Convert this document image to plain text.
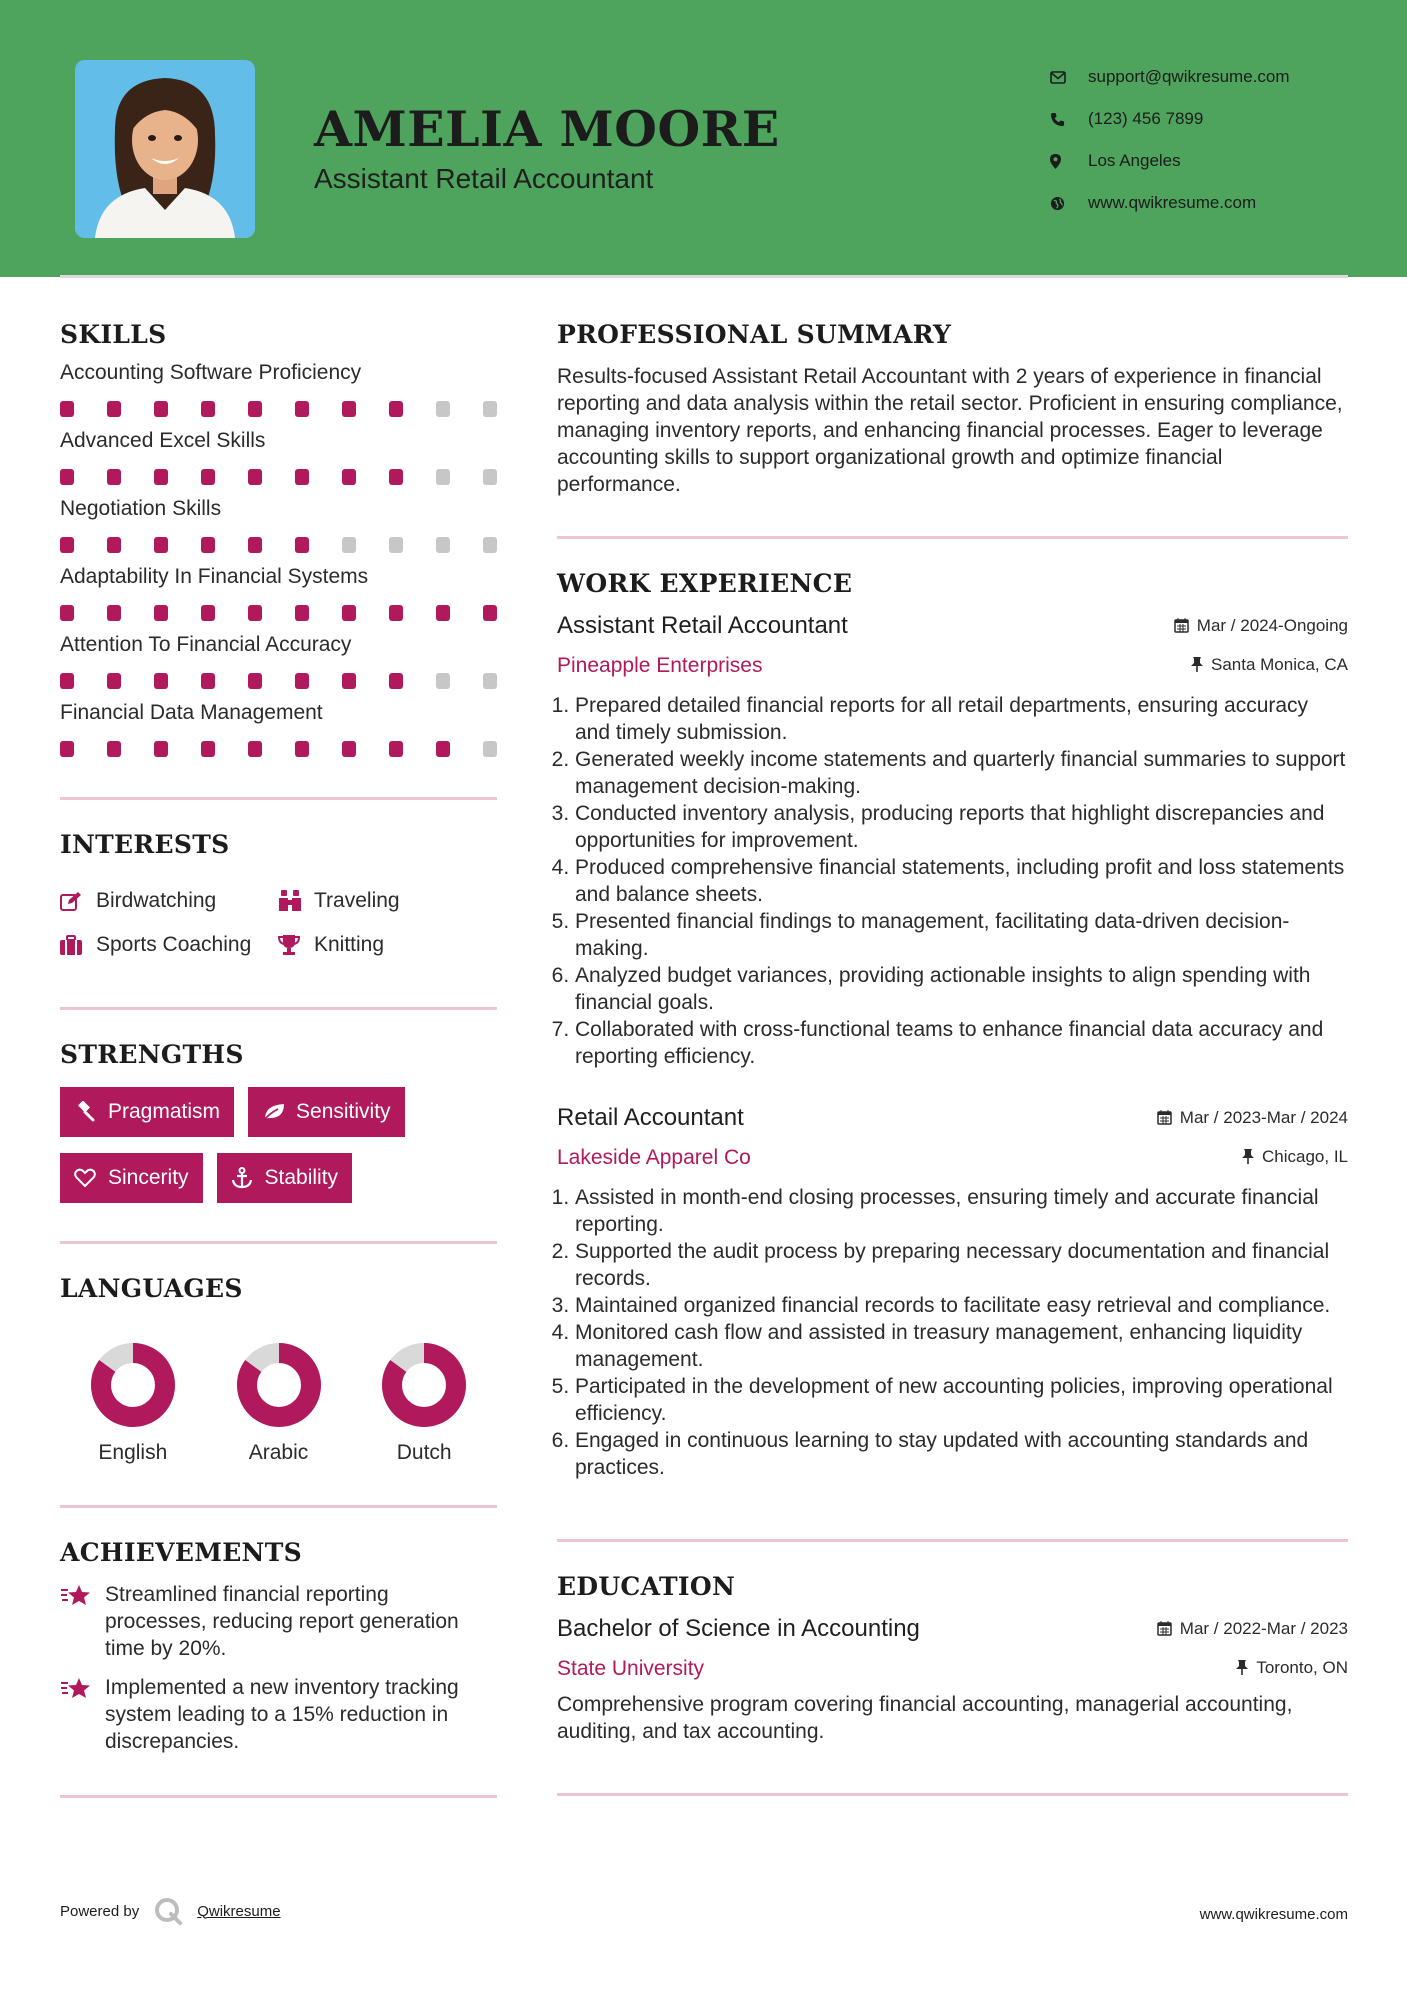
AMELIA MOORE
Assistant Retail Accountant
support@qwikresume.com
(123) 456 7899
Los Angeles
www.qwikresume.com
SKILLS
Accounting Software Proficiency
Advanced Excel Skills
Negotiation Skills
Adaptability In Financial Systems
Attention To Financial Accuracy
Financial Data Management
INTERESTS
Birdwatching	Traveling
Sports Coaching	Knitting
STRENGTHS
Pragmatism	Sensitivity
Sincerity	Stability
LANGUAGES
English	Arabic	Dutch
ACHIEVEMENTS
Streamlined financial reporting processes, reducing report generation time by 20%.
Implemented a new inventory tracking system leading to a 15% reduction in discrepancies.
PROFESSIONAL SUMMARY
Results-focused Assistant Retail Accountant with 2 years of experience in financial reporting and data analysis within the retail sector. Proficient in ensuring compliance, managing inventory reports, and enhancing financial processes. Eager to leverage accounting skills to support organizational growth and optimize financial performance.
WORK EXPERIENCE
Assistant Retail Accountant	Mar / 2024-Ongoing
Pineapple Enterprises	Santa Monica, CA
1. Prepared detailed financial reports for all retail departments, ensuring accuracy and timely submission.
2. Generated weekly income statements and quarterly financial summaries to support management decision-making.
3. Conducted inventory analysis, producing reports that highlight discrepancies and opportunities for improvement.
4. Produced comprehensive financial statements, including profit and loss statements and balance sheets.
5. Presented financial findings to management, facilitating data-driven decision-making.
6. Analyzed budget variances, providing actionable insights to align spending with financial goals.
7. Collaborated with cross-functional teams to enhance financial data accuracy and reporting efficiency.
Retail Accountant	Mar / 2023-Mar / 2024
Lakeside Apparel Co	Chicago, IL
1. Assisted in month-end closing processes, ensuring timely and accurate financial reporting.
2. Supported the audit process by preparing necessary documentation and financial records.
3. Maintained organized financial records to facilitate easy retrieval and compliance.
4. Monitored cash flow and assisted in treasury management, enhancing liquidity management.
5. Participated in the development of new accounting policies, improving operational efficiency.
6. Engaged in continuous learning to stay updated with accounting standards and practices.
EDUCATION
Bachelor of Science in Accounting	Mar / 2022-Mar / 2023
State University	Toronto, ON
Comprehensive program covering financial accounting, managerial accounting, auditing, and tax accounting.
Powered by	Qwikresume	www.qwikresume.com
